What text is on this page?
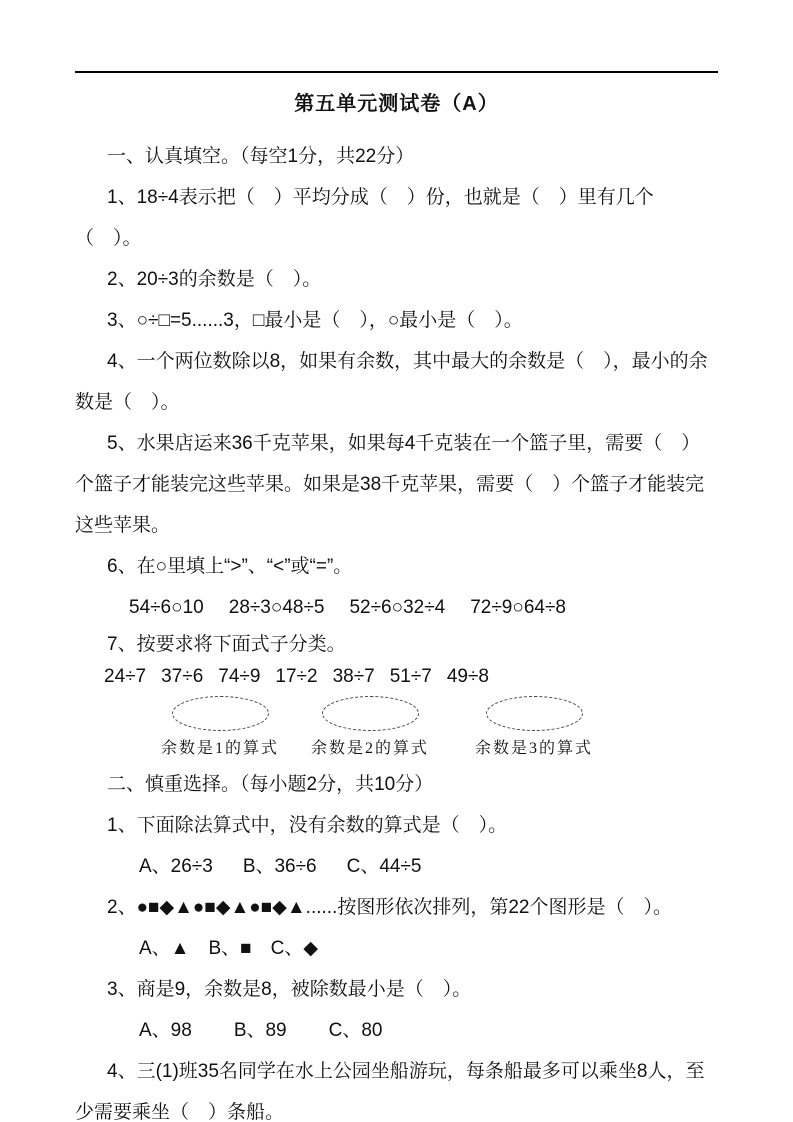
第五单元测试卷（A）

一、认真填空。（每空1分，共22分）

1、18÷4表示把（　）平均分成（　）份，也就是（　）里有几个（　）。

2、20÷3的余数是（　）。

3、○÷□=5......3，□最小是（　），○最小是（　）。

4、一个两位数除以8，如果有余数，其中最大的余数是（　），最小的余数是（　）。

5、水果店运来36千克苹果，如果每4千克装在一个篮子里，需要（　）个篮子才能装完这些苹果。如果是38千克苹果，需要（　）个篮子才能装完这些苹果。

6、在○里填上“>”、“<”或“=”。

54÷6○10 28÷3○48÷5 52÷6○32÷4 72÷9○64÷8

7、按要求将下面式子分类。

24÷7 37÷6 74÷9 17÷2 38÷7 51÷7 49÷8
余数是1的算式	余数是2的算式	余数是3的算式

二、慎重选择。（每小题2分，共10分）

1、下面除法算式中，没有余数的算式是（　）。

A、26÷3 B、36÷6 C、44÷5

2、●■◆▲●■◆▲●■◆▲......按图形依次排列，第22个图形是（　）。

A、▲ B、■ C、◆

3、商是9，余数是8，被除数最小是（　）。

A、98 B、89 C、80

4、三(1)班35名同学在水上公园坐船游玩，每条船最多可以乘坐8人，至少需要乘坐（　）条船。
